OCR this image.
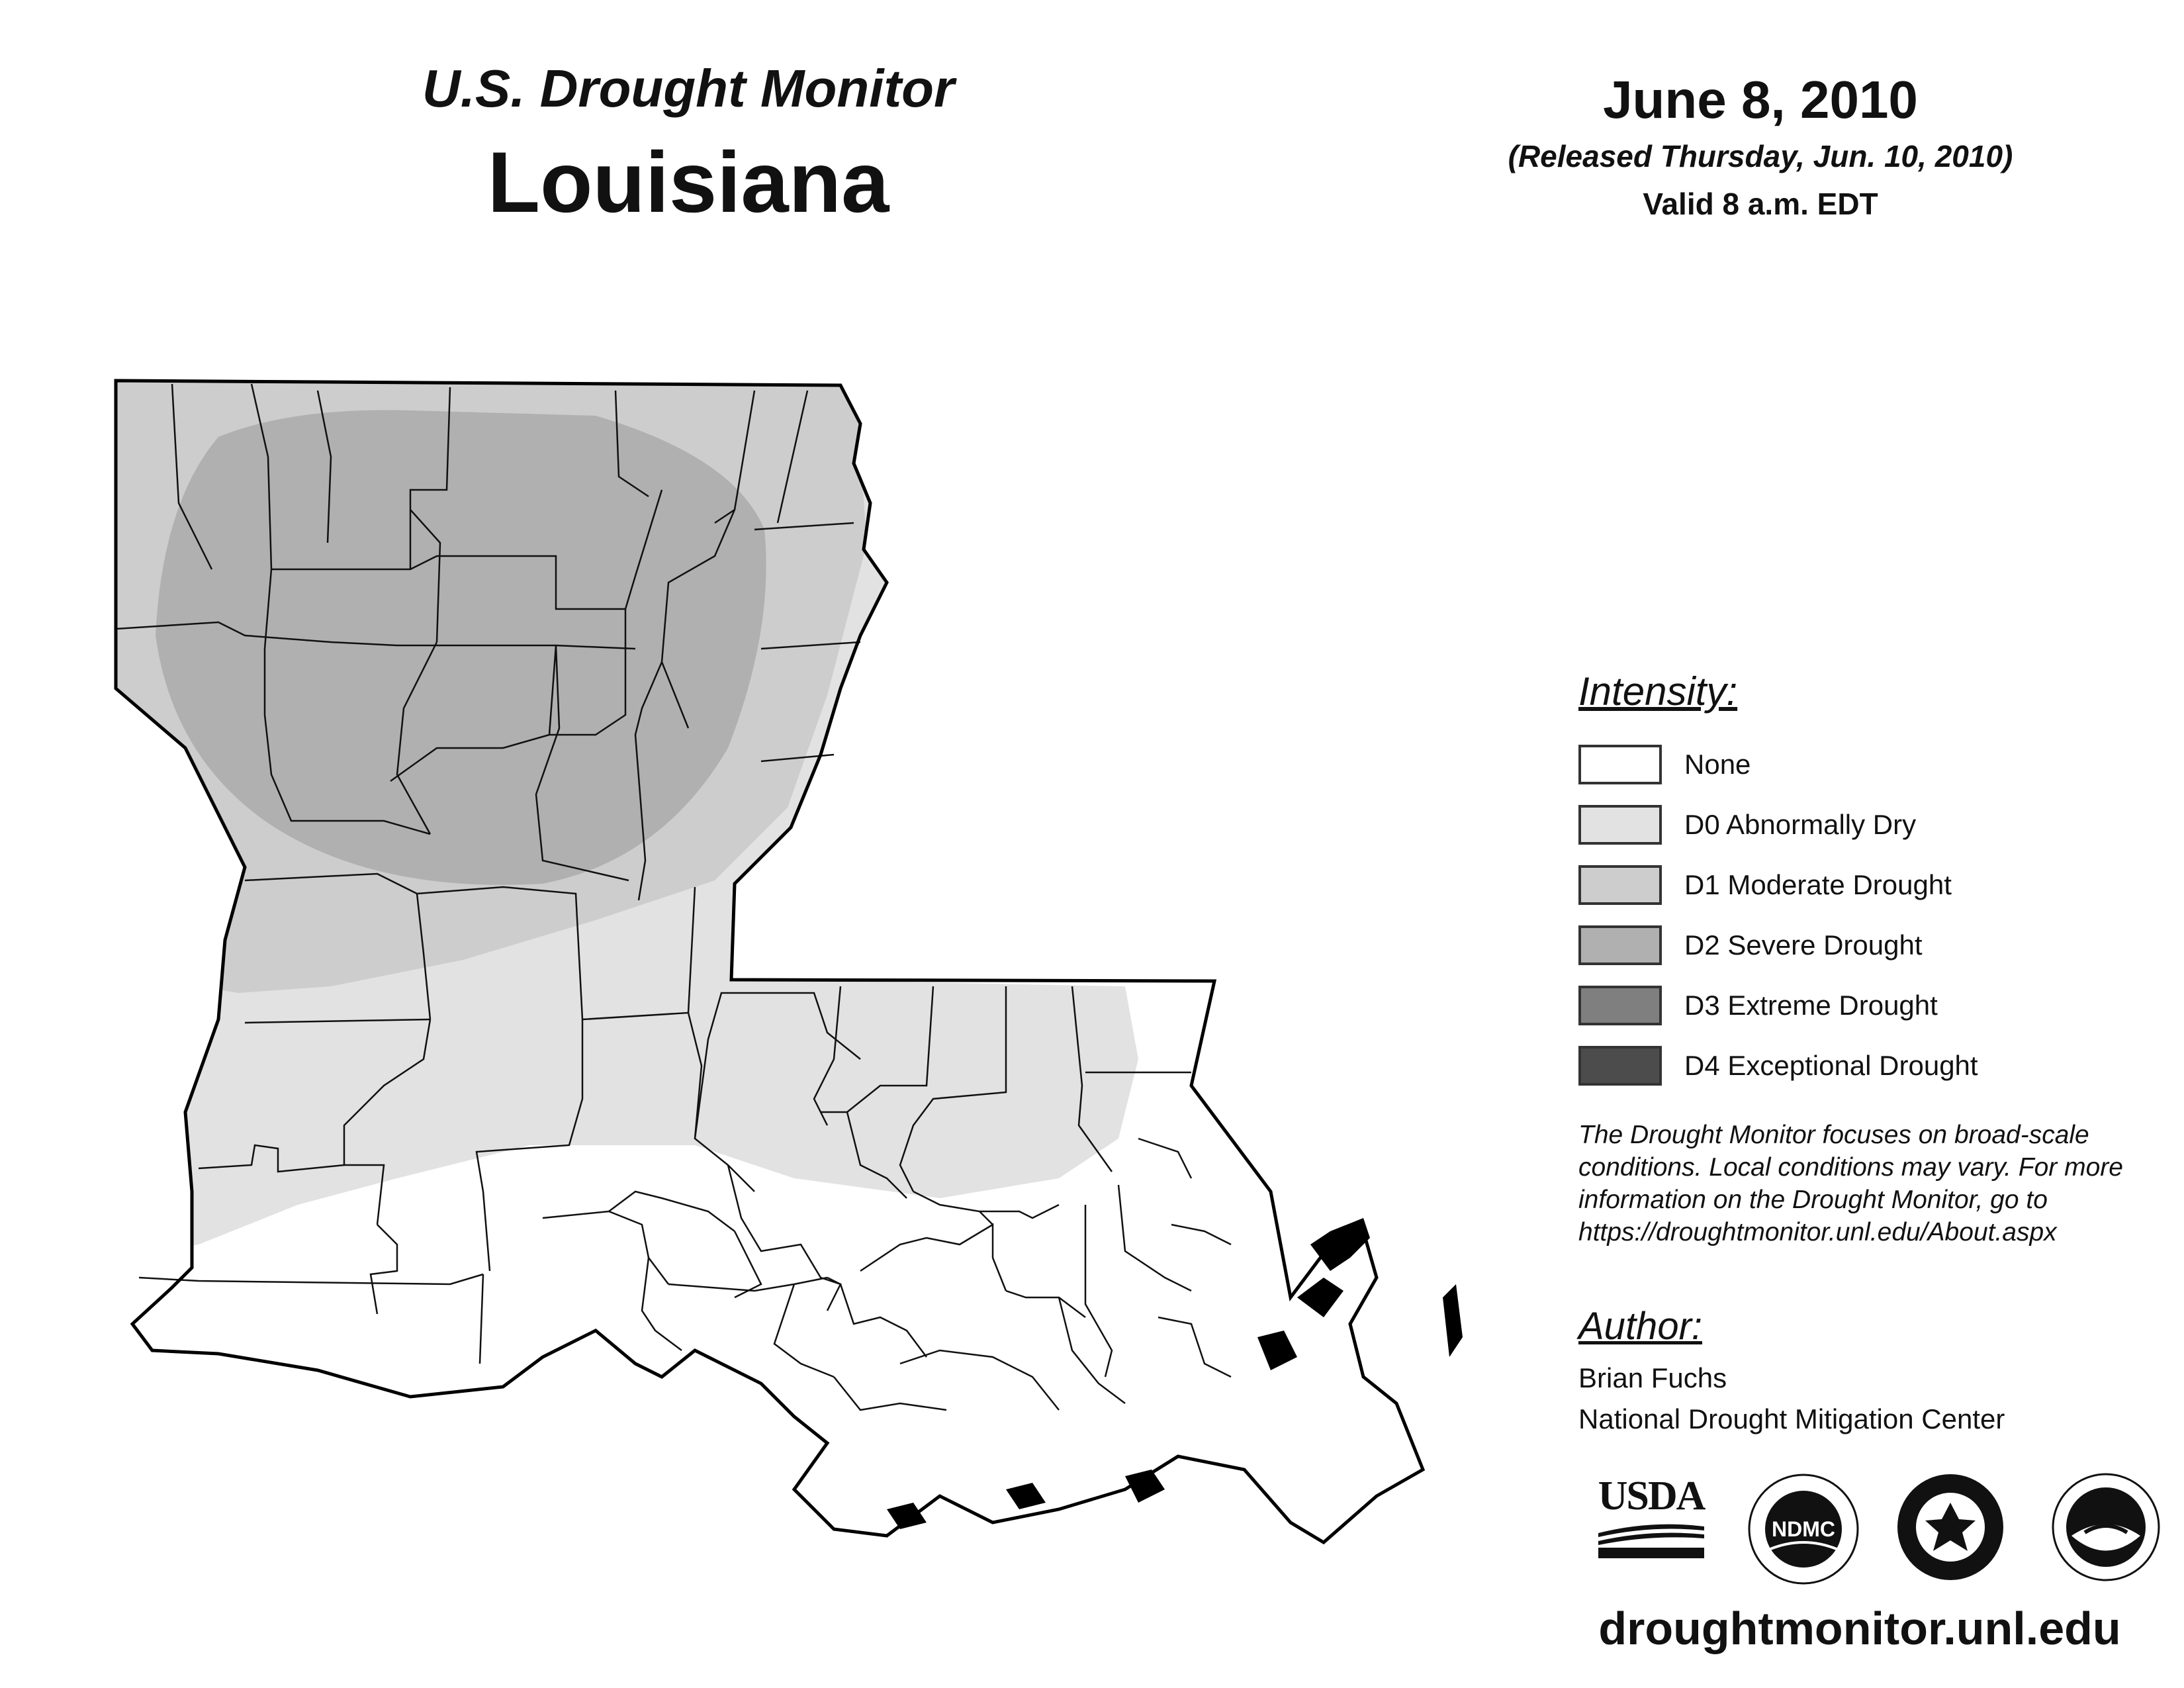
U.S. Drought Monitor
Louisiana
June 8, 2010
(Released Thursday, Jun. 10, 2010)
Valid 8 a.m. EDT
Intensity:
None
D0 Abnormally Dry
D1 Moderate Drought
D2 Severe Drought
D3 Extreme Drought
D4 Exceptional Drought
The Drought Monitor focuses on broad-scale
conditions. Local conditions may vary. For more
information on the Drought Monitor, go to
https://droughtmonitor.unl.edu/About.aspx
Author:
Brian Fuchs
National Drought Mitigation Center
USDA
NDMC
droughtmonitor.unl.edu
